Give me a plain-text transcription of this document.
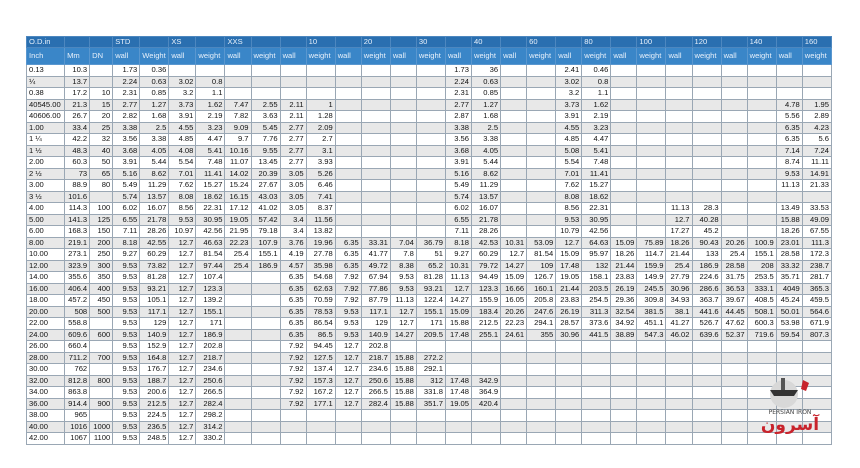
O.D.in			STD		XS		XXS			10		20		30		40		60		80		100		120		140		160
Inch	Mm	DN	wall	Weight	wall	weight	wall	weight	wall	weight	wall	weight	wall	weight	wall	weight	wall	weight	wall	weight	wall	weight	wall	weight	wall	weight	wall	weight
0.13	10.3		1.73	0.36											1.73	36			2.41	0.46								
¼	13.7		2.24	0.63	3.02	0.8									2.24	0.63			3.02	0.8								
0.38	17.2	10	2.31	0.85	3.2	1.1									2.31	0.85			3.2	1.1								
40545.00	21.3	15	2.77	1.27	3.73	1.62	7.47	2.55	2.11	1					2.77	1.27			3.73	1.62							4.78	1.95
40606.00	26.7	20	2.82	1.68	3.91	2.19	7.82	3.63	2.11	1.28					2.87	1.68			3.91	2.19							5.56	2.89
1.00	33.4	25	3.38	2.5	4.55	3.23	9.09	5.45	2.77	2.09					3.38	2.5			4.55	3.23							6.35	4.23
1 ¼	42.2	32	3.56	3.38	4.85	4.47	9.7	7.76	2.77	2.7					3.56	3.38			4.85	4.47							6.35	5.6
1 ½	48.3	40	3.68	4.05	4.08	5.41	10.16	9.55	2.77	3.1					3.68	4.05			5.08	5.41							7.14	7.24
2.00	60.3	50	3.91	5.44	5.54	7.48	11.07	13.45	2.77	3.93					3.91	5.44			5.54	7.48							8.74	11.11
2 ½	73	65	5.16	8.62	7.01	11.41	14.02	20.39	3.05	5.26					5.16	8.62			7.01	11.41							9.53	14.91
3.00	88.9	80	5.49	11.29	7.62	15.27	15.24	27.67	3.05	6.46					5.49	11.29			7.62	15.27							11.13	21.33
3 ½	101.6		5.74	13.57	8.08	18.62	16.15	43.03	3.05	7.41					5.74	13.57			8.08	18.62								
4.00	114.3	100	6.02	16.07	8.56	22.31	17.12	41.02	3.05	8.37					6.02	16.07			8.56	22.31			11.13	28.3			13.49	33.53
5.00	141.3	125	6.55	21.78	9.53	30.95	19.05	57.42	3.4	11.56					6.55	21.78			9.53	30.95			12.7	40.28			15.88	49.09
6.00	168.3	150	7.11	28.26	10.97	42.56	21.95	79.18	3.4	13.82					7.11	28.26			10.79	42.56			17.27	45.2			18.26	67.55
8.00	219.1	200	8.18	42.55	12.7	46.63	22.23	107.9	3.76	19.96	6.35	33.31	7.04	36.79	8.18	42.53	10.31	53.09	12.7	64.63	15.09	75.89	18.26	90.43	20.26	100.9	23.01	111.3
10.00	273.1	250	9.27	60.29	12.7	81.54	25.4	155.1	4.19	27.78	6.35	41.77	7.8	51	9.27	60.29	12.7	81.54	15.09	95.97	18.26	114.7	21.44	133	25.4	155.1	28.58	172.3
12.00	323.9	300	9.53	73.82	12.7	97.44	25.4	186.9	4.57	35.98	6.35	49.72	8.38	65.2	10.31	79.72	14.27	109	17.48	132	21.44	159.9	25.4	186.9	28.58	208	33.32	238.7
14.00	355.6	350	9.53	81.28	12.7	107.4			6.35	54.68	7.92	67.94	9.53	81.28	11.13	94.49	15.09	126.7	19.05	158.1	23.83	149.9	27.79	224.6	31.75	253.5	35.71	281.7
16.00	406.4	400	9.53	93.21	12.7	123.3			6.35	62.63	7.92	77.86	9.53	93.21	12.7	123.3	16.66	160.1	21.44	203.5	26.19	245.5	30.96	286.6	36.53	333.1	4049	365.3
18.00	457.2	450	9.53	105.1	12.7	139.2			6.35	70.59	7.92	87.79	11.13	122.4	14.27	155.9	16.05	205.8	23.83	254.5	29.36	309.8	34.93	363.7	39.67	408.5	45.24	459.5
20.00	508	500	9.53	117.1	12.7	155.1			6.35	78.53	9.53	117.1	12.7	155.1	15.09	183.4	20.26	247.6	26.19	311.3	32.54	381.5	38.1	441.6	44.45	508.1	50.01	564.6
22.00	558.8		9.53	129	12.7	171			6.35	86.54	9.53	129	12.7	171	15.88	212.5	22.23	294.1	28.57	373.6	34.92	451.1	41.27	526.7	47.62	600.3	53.98	671.9
24.00	609.6	600	9.53	140.9	12.7	186.9			6.35	86.5	9.53	140.9	14.27	209.5	17.48	255.1	24.61	355	30.96	441.5	38.89	547.3	46.02	639.6	52.37	719.6	59.54	807.3
26.00	660.4		9.53	152.9	12.7	202.8			7.92	94.45	12.7	202.8																
28.00	711.2	700	9.53	164.8	12.7	218.7			7.92	127.5	12.7	218.7	15.88	272.2														
30.00	762		9.53	176.7	12.7	234.6			7.92	137.4	12.7	234.6	15.88	292.1														
32.00	812.8	800	9.53	188.7	12.7	250.6			7.92	157.3	12.7	250.6	15.88	312	17.48	342.9												
34.00	863.8		9.53	200.6	12.7	266.5			7.92	167.2	12.7	266.5	15.88	331.8	17.48	364.9												
36.00	914.4	900	9.53	212.5	12.7	282.4			7.92	177.1	12.7	282.4	15.88	351.7	19.05	420.4												
38.00	965		9.53	224.5	12.7	298.2																						
40.00	1016	1000	9.53	236.5	12.7	314.2																						
42.00	1067	1100	9.53	248.5	12.7	330.2																						
PERSIAN IRON
آسرون
